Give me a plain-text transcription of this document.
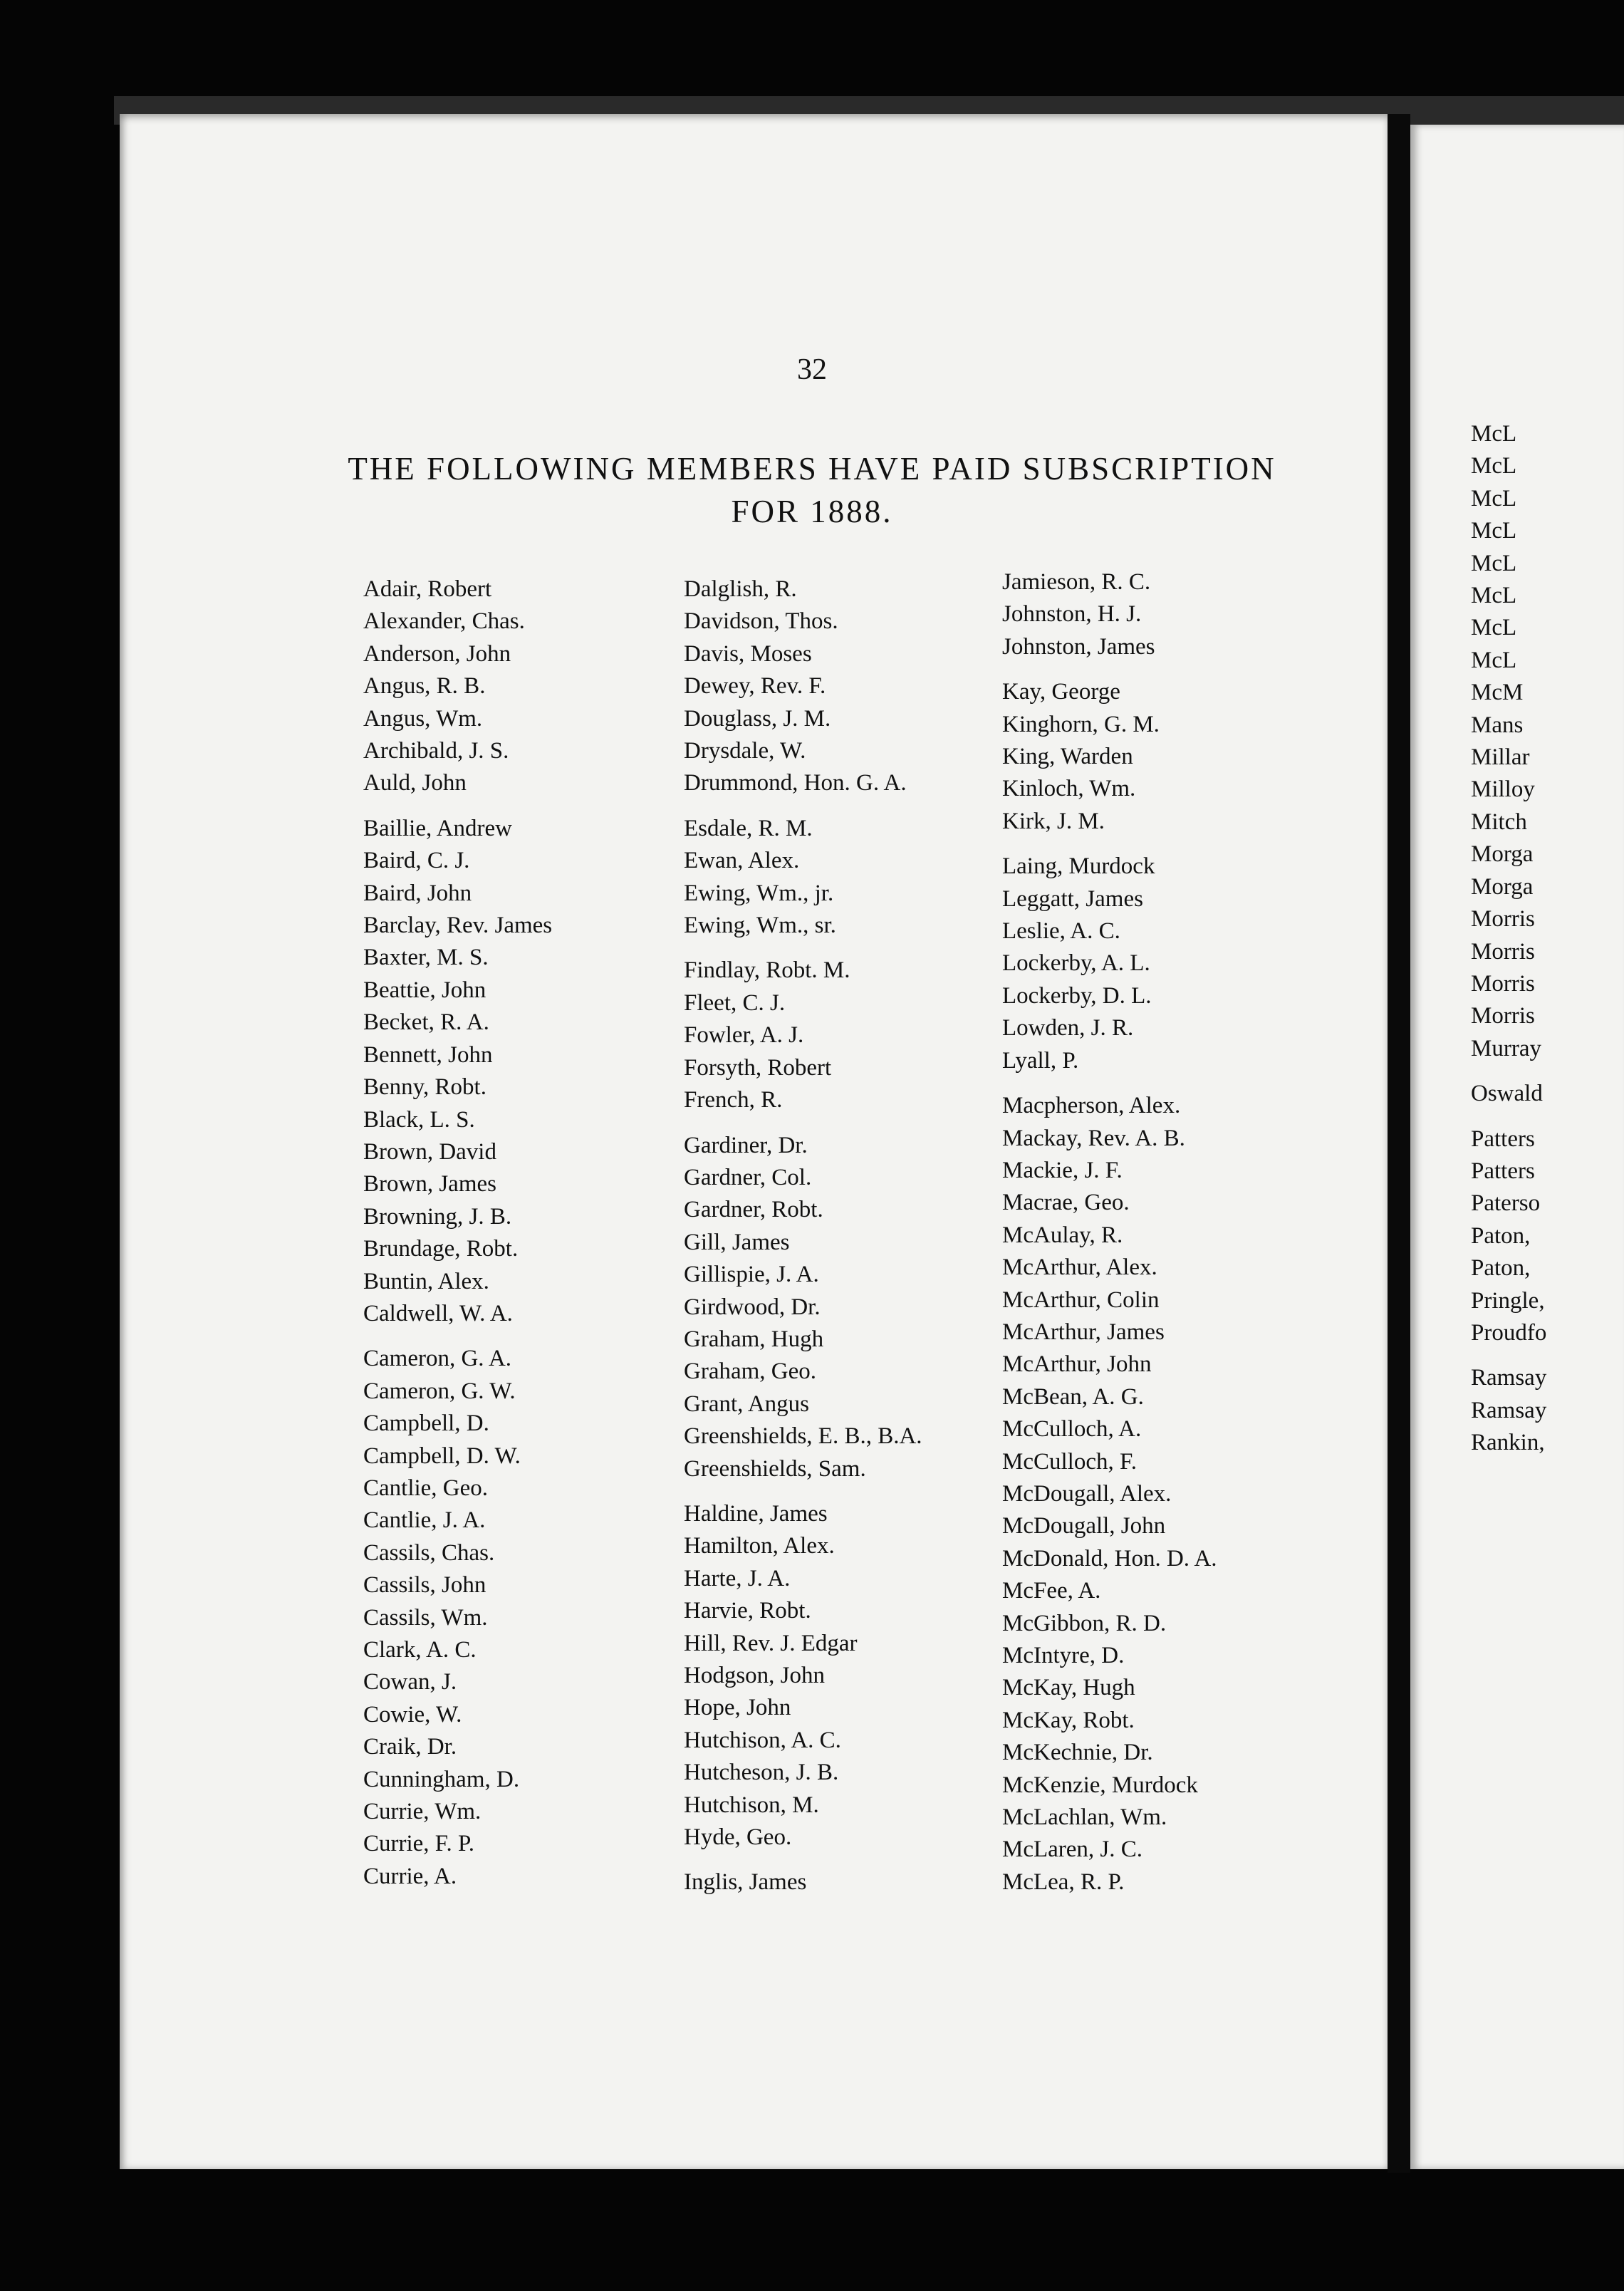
McL
McL
McL
McL
McL
McL
McL
McL
McM
Mans
Millar
Milloy
Mitch
Morga
Morga
Morris
Morris
Morris
Morris
Murray
Oswald
Patters
Patters
Paterso
Paton,
Paton,
Pringle,
Proudfo
Ramsay
Ramsay
Rankin,
32
THE FOLLOWING MEMBERS HAVE PAID SUBSCRIPTION
FOR 1888.
Adair, Robert
Alexander, Chas.
Anderson, John
Angus, R. B.
Angus, Wm.
Archibald, J. S.
Auld, John
Baillie, Andrew
Baird, C. J.
Baird, John
Barclay, Rev. James
Baxter, M. S.
Beattie, John
Becket, R. A.
Bennett, John
Benny, Robt.
Black, L. S.
Brown, David
Brown, James
Browning, J. B.
Brundage, Robt.
Buntin, Alex.
Caldwell, W. A.
Cameron, G. A.
Cameron, G. W.
Campbell, D.
Campbell, D. W.
Cantlie, Geo.
Cantlie, J. A.
Cassils, Chas.
Cassils, John
Cassils, Wm.
Clark, A. C.
Cowan, J.
Cowie, W.
Craik, Dr.
Cunningham, D.
Currie, Wm.
Currie, F. P.
Currie, A.
Dalglish, R.
Davidson, Thos.
Davis, Moses
Dewey, Rev. F.
Douglass, J. M.
Drysdale, W.
Drummond, Hon. G. A.
Esdale, R. M.
Ewan, Alex.
Ewing, Wm., jr.
Ewing, Wm., sr.
Findlay, Robt. M.
Fleet, C. J.
Fowler, A. J.
Forsyth, Robert
French, R.
Gardiner, Dr.
Gardner, Col.
Gardner, Robt.
Gill, James
Gillispie, J. A.
Girdwood, Dr.
Graham, Hugh
Graham, Geo.
Grant, Angus
Greenshields, E. B., B.A.
Greenshields, Sam.
Haldine, James
Hamilton, Alex.
Harte, J. A.
Harvie, Robt.
Hill, Rev. J. Edgar
Hodgson, John
Hope, John
Hutchison, A. C.
Hutcheson, J. B.
Hutchison, M.
Hyde, Geo.
Inglis, James
Jamieson, R. C.
Johnston, H. J.
Johnston, James
Kay, George
Kinghorn, G. M.
King, Warden
Kinloch, Wm.
Kirk, J. M.
Laing, Murdock
Leggatt, James
Leslie, A. C.
Lockerby, A. L.
Lockerby, D. L.
Lowden, J. R.
Lyall, P.
Macpherson, Alex.
Mackay, Rev. A. B.
Mackie, J. F.
Macrae, Geo.
McAulay, R.
McArthur, Alex.
McArthur, Colin
McArthur, James
McArthur, John
McBean, A. G.
McCulloch, A.
McCulloch, F.
McDougall, Alex.
McDougall, John
McDonald, Hon. D. A.
McFee, A.
McGibbon, R. D.
McIntyre, D.
McKay, Hugh
McKay, Robt.
McKechnie, Dr.
McKenzie, Murdock
McLachlan, Wm.
McLaren, J. C.
McLea, R. P.
